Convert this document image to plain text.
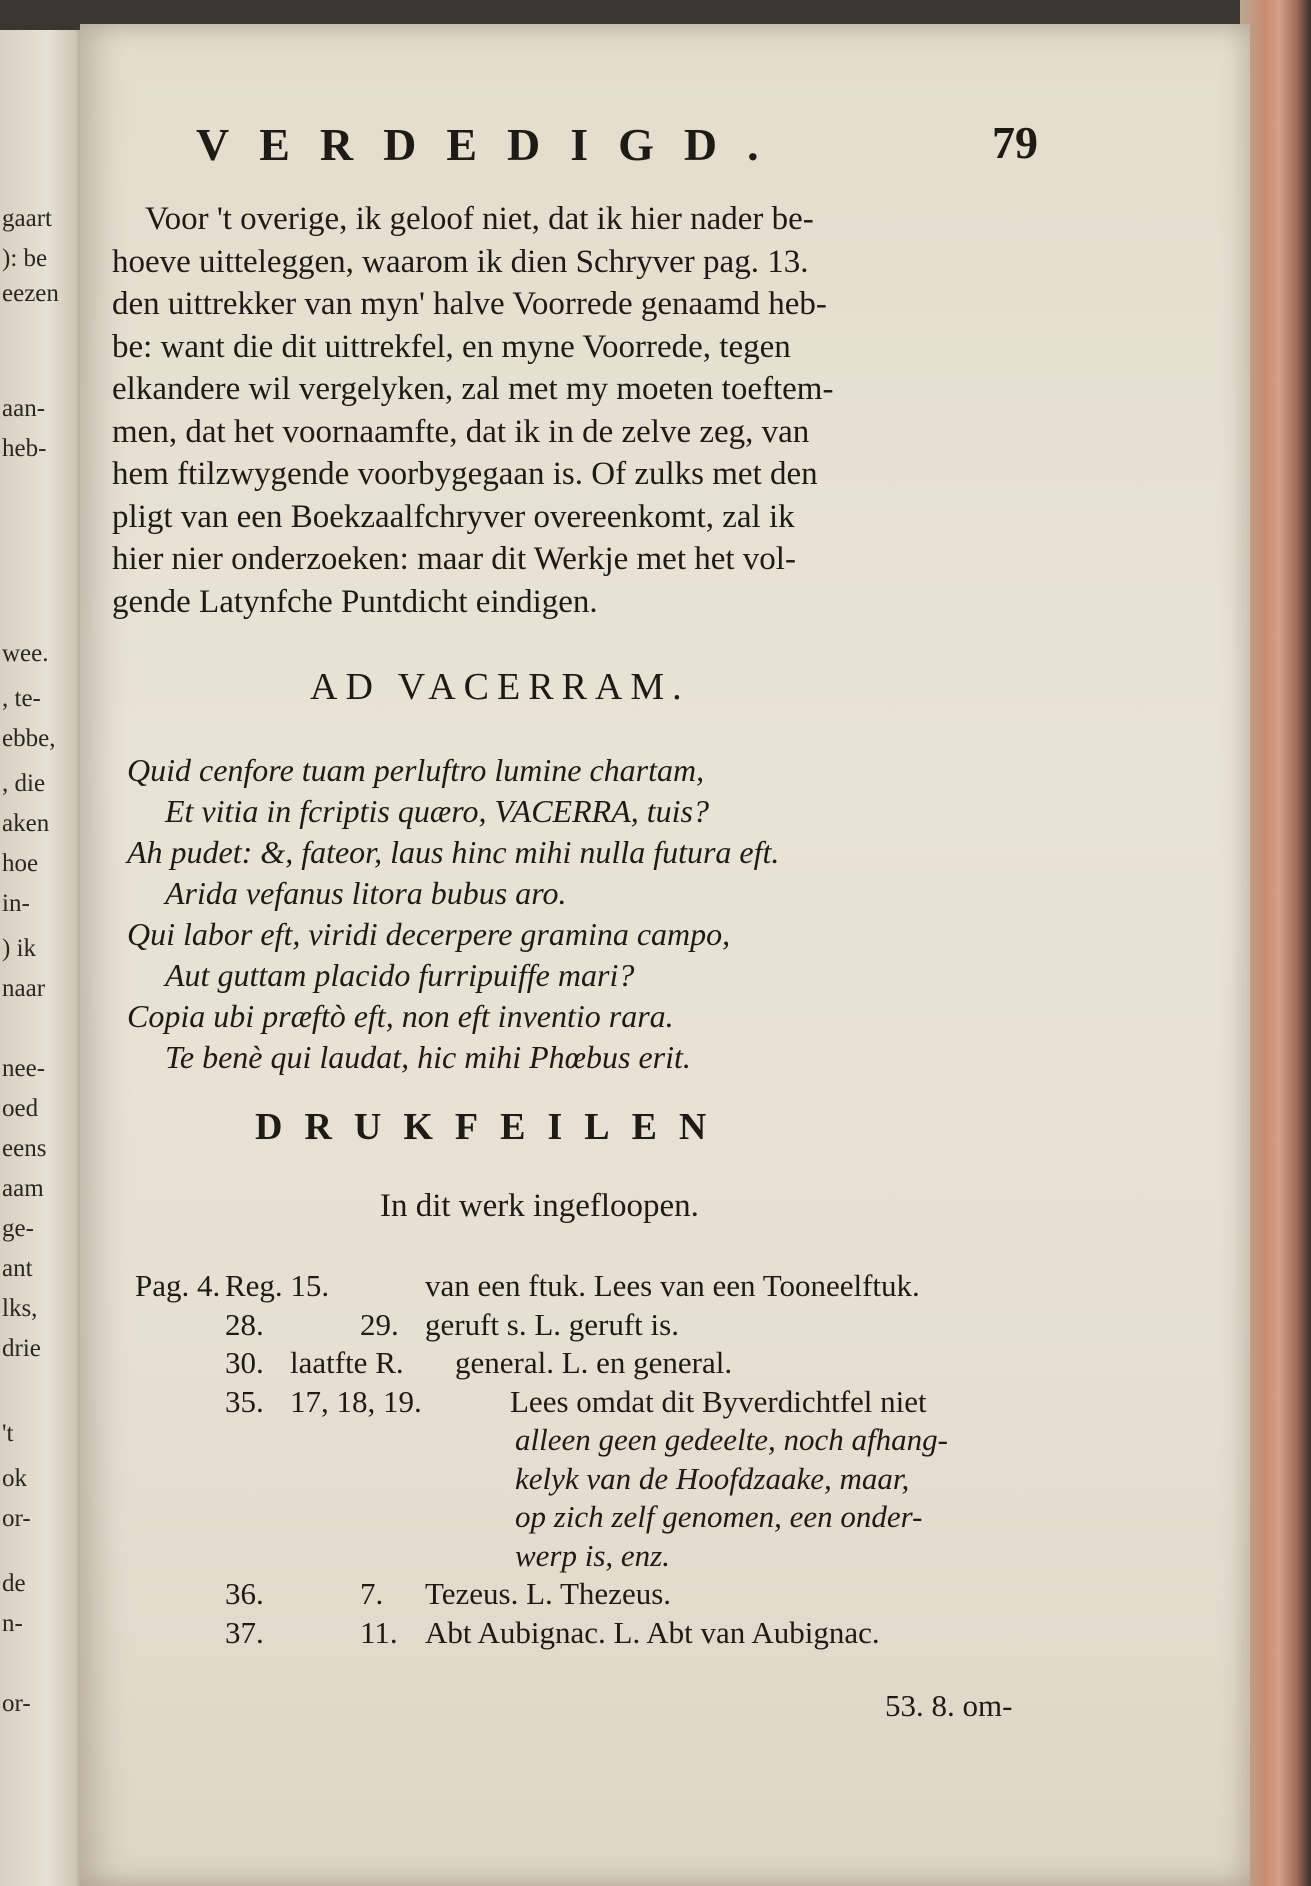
gaart
): be
eezen
aan-
heb-
wee.
, te-
ebbe,
, die
aken
hoe
in-
) ik
naar
nee-
oed
eens
aam
ge-
ant
lks,
drie
't
ok
or-
de
n-
or-
VERDEDIGD.	79
Voor 't overige, ik geloof niet, dat ik hier nader be-
hoeve uitteleggen, waarom ik dien Schryver pag. 13.
den uittrekker van myn' halve Voorrede genaamd heb-
be: want die dit uittrekfel, en myne Voorrede, tegen
elkandere wil vergelyken, zal met my moeten toeftem-
men, dat het voornaamfte, dat ik in de zelve zeg, van
hem ftilzwygende voorbygegaan is. Of zulks met den
pligt van een Boekzaalfchryver overeenkomt, zal ik
hier nier onderzoeken: maar dit Werkje met het vol-
gende Latynfche Puntdicht eindigen.
AD VACERRAM.
Quid cenfore tuam perluftro lumine chartam,
Et vitia in fcriptis quæro, VACERRA, tuis?
Ah pudet: &, fateor, laus hinc mihi nulla futura eft.
Arida vefanus litora bubus aro.
Qui labor eft, viridi decerpere gramina campo,
Aut guttam placido furripuiffe mari?
Copia ubi præftò eft, non eft inventio rara.
Te benè qui laudat, hic mihi Phœbus erit.
DRUKFEILEN
In dit werk ingefloopen.
Pag. 4. Reg. 15.	van een ftuk. Lees van een Tooneelftuk.
28.	29. geruft s. L. geruft is.
30. laatfte R. general. L. en general.
35. 17, 18, 19.	Lees omdat dit Byverdichtfel niet
alleen geen gedeelte, noch afhang-
kelyk van de Hoofdzaake, maar,
op zich zelf genomen, een onder-
werp is, enz.
36.	7. Tezeus. L. Thezeus.
37.	11. Abt Aubignac. L. Abt van Aubignac.
53. 8. om-
